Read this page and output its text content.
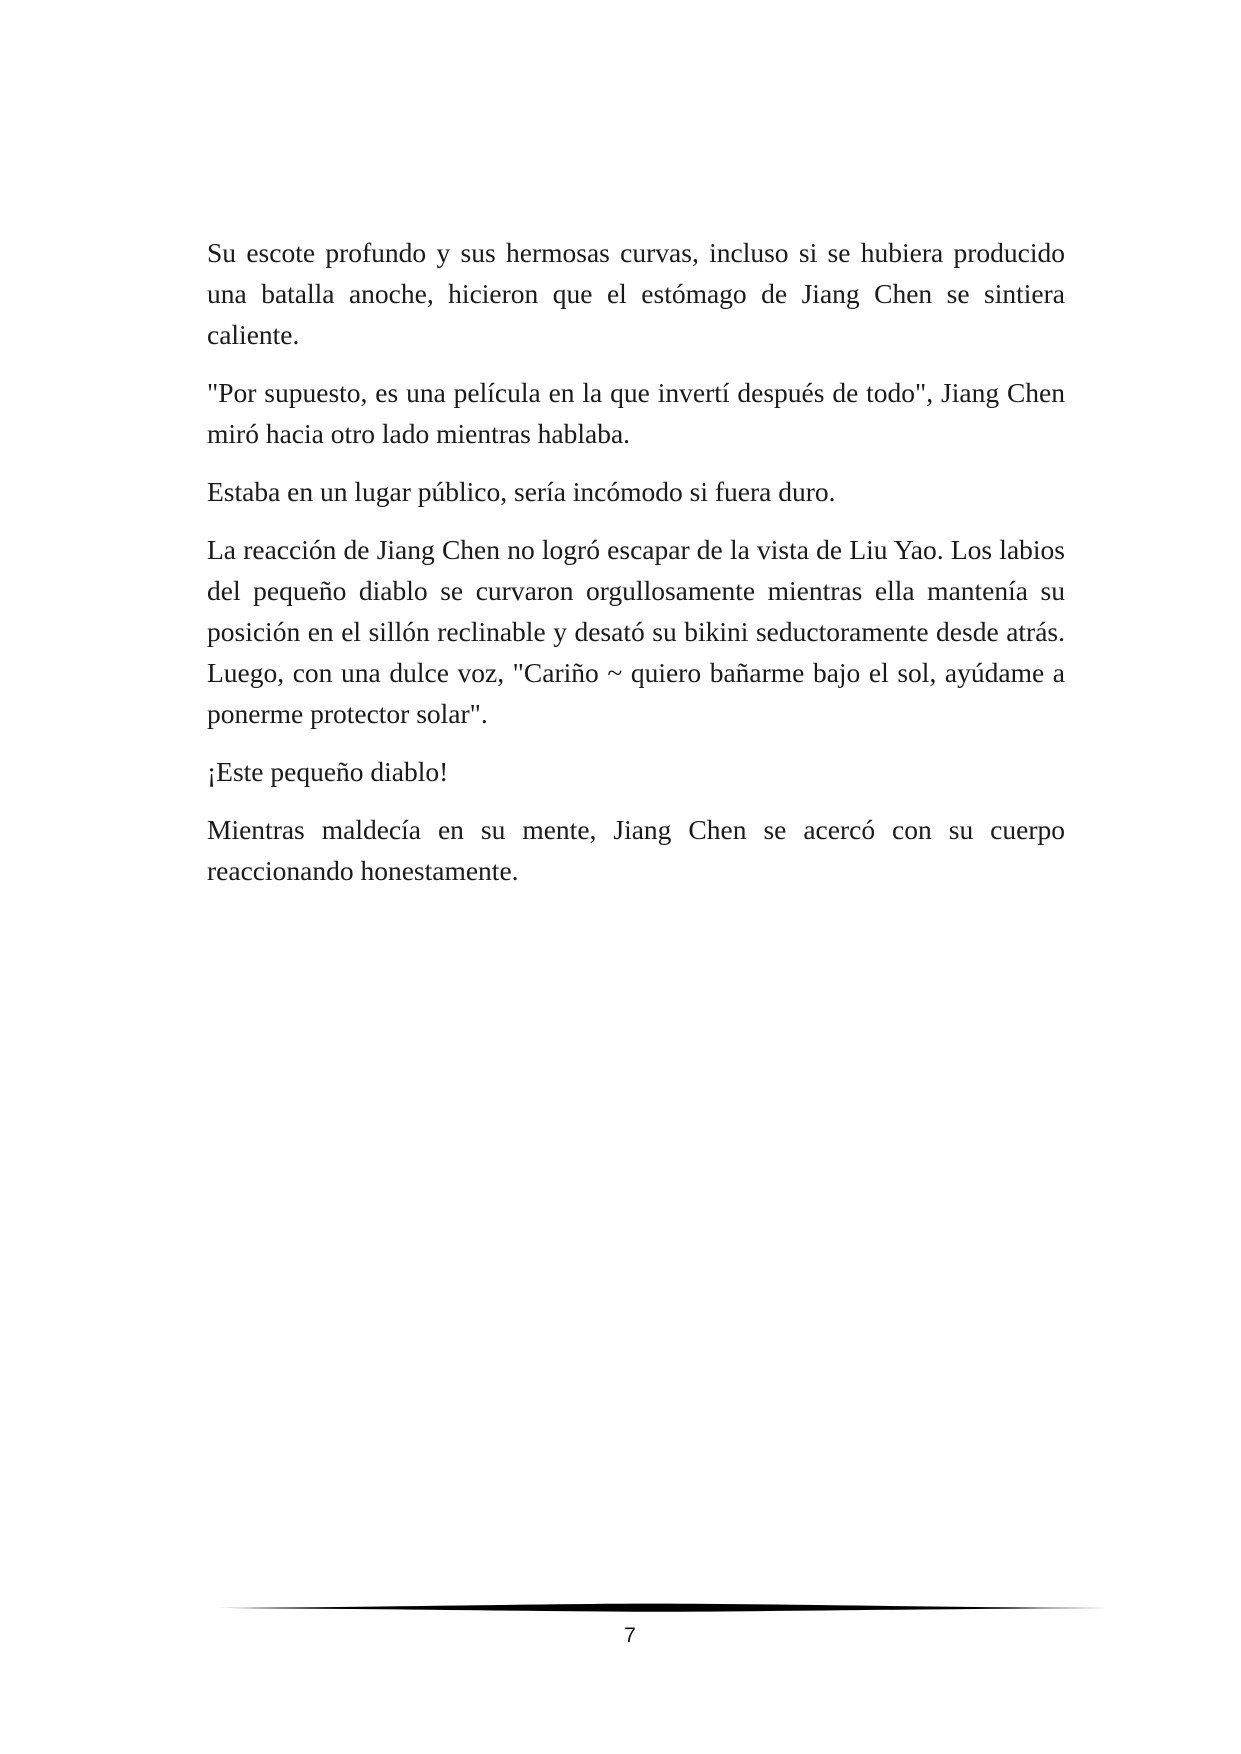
Su escote profundo y sus hermosas curvas, incluso si se hubiera producido una batalla anoche, hicieron que el estómago de Jiang Chen se sintiera caliente.

"Por supuesto, es una película en la que invertí después de todo", Jiang Chen miró hacia otro lado mientras hablaba.

Estaba en un lugar público, sería incómodo si fuera duro.

La reacción de Jiang Chen no logró escapar de la vista de Liu Yao. Los labios del pequeño diablo se curvaron orgullosamente mientras ella mantenía su posición en el sillón reclinable y desató su bikini seductoramente desde atrás. Luego, con una dulce voz, "Cariño ~ quiero bañarme bajo el sol, ayúdame a ponerme protector solar".

¡Este pequeño diablo!

Mientras maldecía en su mente, Jiang Chen se acercó con su cuerpo reaccionando honestamente.

7
